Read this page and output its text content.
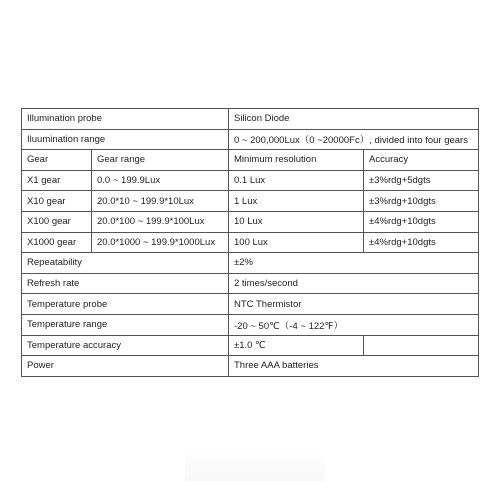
Illumination probe		Silicon Diode	
Iluumination range		0 ~ 200,000Lux（0 ~20000Fc）, divided into four gears	
Gear	Gear range	Minimum resolution	Accuracy
X1 gear	0.0 ~ 199.9Lux	0.1 Lux	±3%rdg+5dgts
X10 gear	20.0*10 ~ 199.9*10Lux	1 Lux	±3%rdg+10dgts
X100 gear	20.0*100 ~ 199.9*100Lux	10 Lux	±4%rdg+10dgts
X1000 gear	20.0*1000 ~ 199.9*1000Lux	100 Lux	±4%rdg+10dgts
Repeatability		±2%	
Refresh rate		2 times/second	
Temperature probe		NTC Thermistor	
Temperature range		-20 ~ 50℃（-4 ~ 122℉）	
Temperature accuracy		±1.0 ℃	
Power		Three AAA batteries	
